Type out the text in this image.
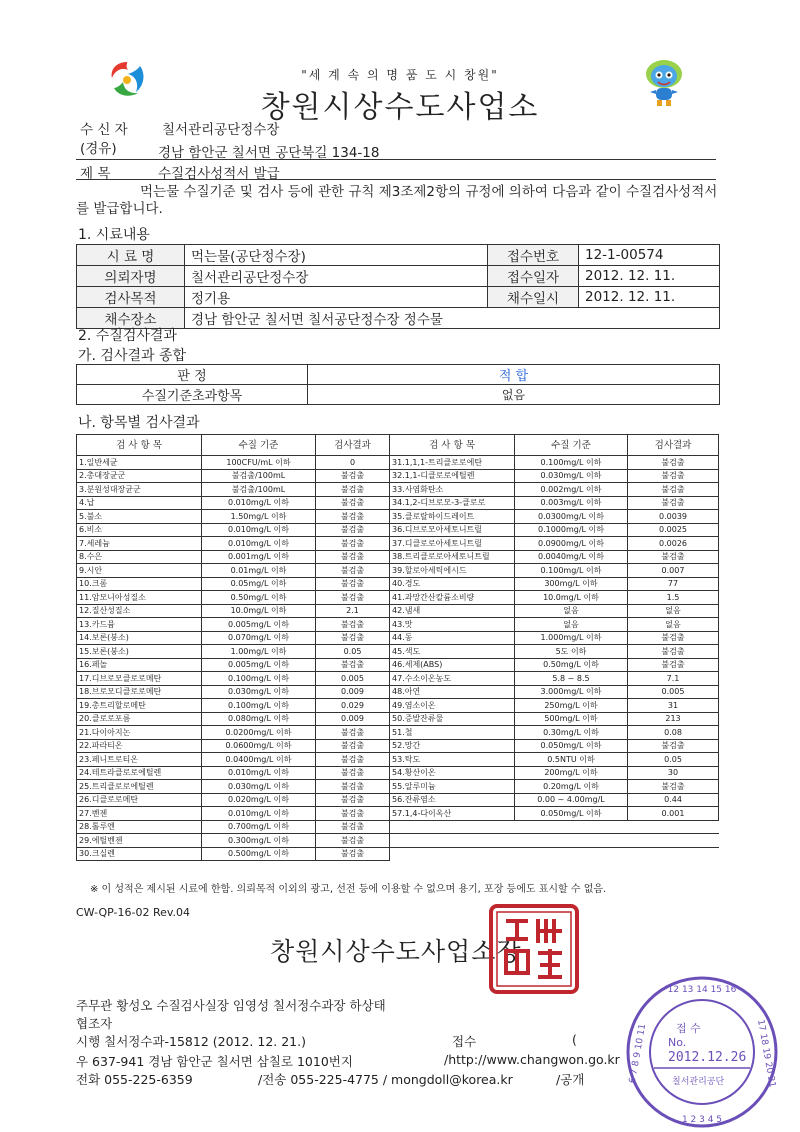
"세 계 속 의 명 품 도 시 창원"
창원시상수도사업소
수 신 자	칠서관리공단정수장
(경유)	경남 함안군 칠서면 공단북길 134-18
제 목	수질검사성적서 발급
먹는물 수질기준 및 검사 등에 관한 규칙 제3조제2항의 규정에 의하여 다음과 같이 수질검사성적서를 발급합니다.
1. 시료내용
시 료 명	먹는물(공단정수장)	접수번호	12-1-00574
의뢰자명	칠서관리공단정수장	접수일자	2012. 12. 11.
검사목적	정기용	채수일시	2012. 12. 11.
채수장소	경남 함안군 칠서면 칠서공단정수장 정수물		
2. 수질검사결과
가. 검사결과 종합
판 정	적 합
수질기준초과항목	없음
나. 항목별 검사결과
검 사 항 목	수질 기준	검사결과	검 사 항 목	수질 기준	검사결과
1.일반세균	100CFU/mL 이하	0	31.1,1,1-트리클로로에탄	0.100mg/L 이하	불검출
2.총대장균군	불검출/100mL	불검출	32.1,1-디클로로에틸렌	0.030mg/L 이하	불검출
3.분원성대장균군	불검출/100mL	불검출	33.사염화탄소	0.002mg/L 이하	불검출
4.납	0.010mg/L 이하	불검출	34.1,2-디브로모-3-클로로	0.003mg/L 이하	불검출
5.불소	1.50mg/L 이하	불검출	35.클로랄하이드레이트	0.0300mg/L 이하	0.0039
6.비소	0.010mg/L 이하	불검출	36.디브로모아세토니트릴	0.1000mg/L 이하	0.0025
7.세레늄	0.010mg/L 이하	불검출	37.디클로로아세토니트릴	0.0900mg/L 이하	0.0026
8.수은	0.001mg/L 이하	불검출	38.트리클로로아세토니트릴	0.0040mg/L 이하	불검출
9.시안	0.01mg/L 이하	불검출	39.할로아세틱에시드	0.100mg/L 이하	0.007
10.크롬	0.05mg/L 이하	불검출	40.경도	300mg/L 이하	77
11.암모니아성질소	0.50mg/L 이하	불검출	41.과망간산칼륨소비량	10.0mg/L 이하	1.5
12.질산성질소	10.0mg/L 이하	2.1	42.냄새	없음	없음
13.카드뮴	0.005mg/L 이하	불검출	43.맛	없음	없음
14.보론(붕소)	0.070mg/L 이하	불검출	44.동	1.000mg/L 이하	불검출
15.보론(붕소)	1.00mg/L 이하	0.05	45.색도	5도 이하	불검출
16.페놀	0.005mg/L 이하	불검출	46.세제(ABS)	0.50mg/L 이하	불검출
17.디브로모클로로메탄	0.100mg/L 이하	0.005	47.수소이온농도	5.8 ~ 8.5	7.1
18.브로모디클로로메탄	0.030mg/L 이하	0.009	48.아연	3.000mg/L 이하	0.005
19.총트리할로메탄	0.100mg/L 이하	0.029	49.염소이온	250mg/L 이하	31
20.클로로포름	0.080mg/L 이하	0.009	50.증발잔류물	500mg/L 이하	213
21.다이아지논	0.0200mg/L 이하	불검출	51.철	0.30mg/L 이하	0.08
22.파라티온	0.0600mg/L 이하	불검출	52.망간	0.050mg/L 이하	불검출
23.페니트로티온	0.0400mg/L 이하	불검출	53.탁도	0.5NTU 이하	0.05
24.테트라클로로에틸렌	0.010mg/L 이하	불검출	54.황산이온	200mg/L 이하	30
25.트리클로로에틸렌	0.030mg/L 이하	불검출	55.알루미늄	0.20mg/L 이하	불검출
26.디클로로메탄	0.020mg/L 이하	불검출	56.잔류염소	0.00 ~ 4.00mg/L	0.44
27.벤젠	0.010mg/L 이하	불검출	57.1,4-다이옥산	0.050mg/L 이하	0.001
28.톨루엔	0.700mg/L 이하	불검출			
29.에틸벤젠	0.300mg/L 이하	불검출			
30.크실렌	0.500mg/L 이하	불검출			
※ 이 성적은 제시된 시료에 한함. 의뢰목적 이외의 광고, 선전 등에 이용할 수 없으며 용기, 포장 등에도 표시할 수 없음.
CW-QP-16-02 Rev.04
창원시상수도사업소장
12 13 14 15 16
6 7 8 9 10 11	17 18 19 20 21
1 2 3 4 5
접 수
No.
2012.12.26
칠서관리공단
주무관 황성오 수질검사실장 임영성 칠서정수과장 하상태
협조자
시행 칠서정수과-15812 (2012. 12. 21.)	접수	(
우 637-941 경남 함안군 칠서면 삼칠로 1010번지	/http://www.changwon.go.kr
전화 055-225-6359	/전송 055-225-4775 / mongdoll@korea.kr	/공개
